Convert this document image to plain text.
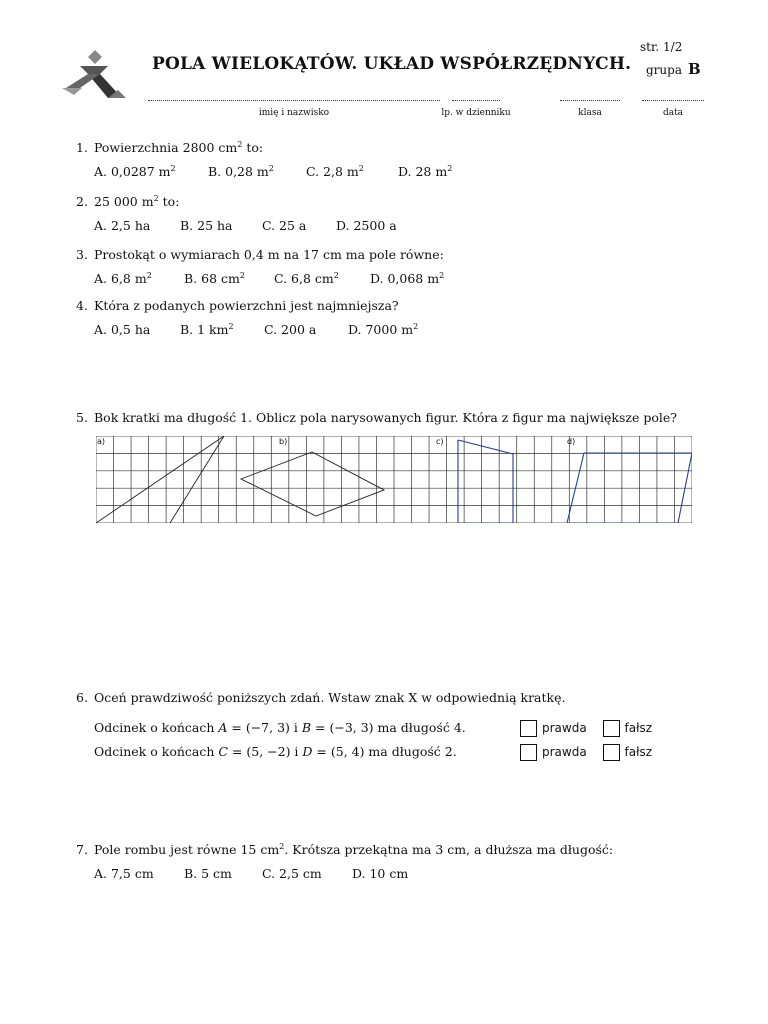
POLA WIELOKĄTÓW. UKŁAD WSPÓŁRZĘDNYCH.
str. 1/2
grupa B
imię i nazwisko	lp. w dzienniku	klasa	data
1. Powierzchnia 2800 $cm^2$ to:
A. 0,0287 $m^2$	B. 0,28 $m^2$	C. 2,8 $m^2$	D. 28 $m^2$
2. 25 000 $m^2$ to:
A. 2,5 ha B. 25 ha C. 25 a D. 2500 a
3. Prostokąt o wymiarach 0,4 m na 17 cm ma pole równe:
A. 6,8 $m^2$	B. 68 $cm^2$ C. 6,8 $cm^2$ D. 0,068 $m^2$
4. Która z podanych powierzchni jest najmniejsza?
A. 0,5 ha B. 1 $km^2$ C. 200 a	D. 7000 $m^2$
5. Bok kratki ma długość 1. Oblicz pola narysowanych figur. Która z figur ma największe pole?
a)	b)	c)	d)
6. Oceń prawdziwość poniższych zdań. Wstaw znak X w odpowiednią kratkę.
Odcinek o końcach A = (−7, 3) i B = (−3, 3) ma długość 4.	prawda	fałsz
Odcinek o końcach C = (5, −2) i D = (5, 4) ma długość 2.	prawda	fałsz
7. Pole rombu jest równe 15 $cm^2$. Krótsza przekątna ma 3 cm, a dłuższa ma długość:
A. 7,5 cm B. 5 cm C. 2,5 cm D. 10 cm
